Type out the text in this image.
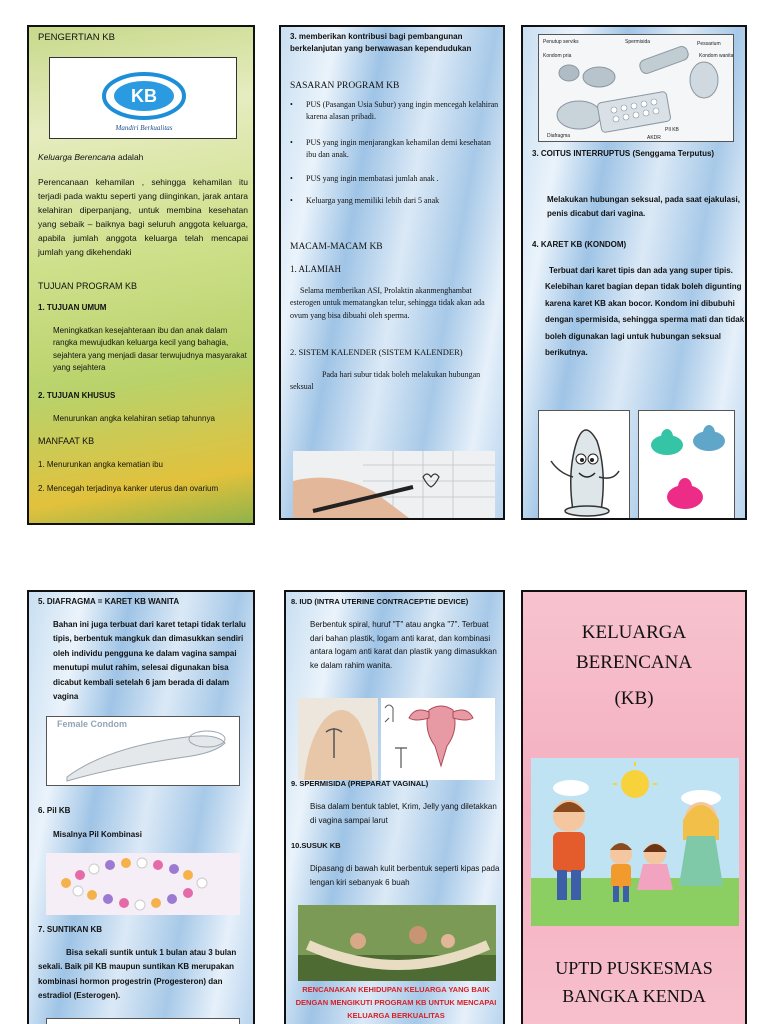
PENGERTIAN KB
KB
Mandiri Berkualitas
Keluarga Berencana adalah
Perencanaan kehamilan , sehingga kehamilan itu terjadi pada waktu seperti yang diinginkan, jarak antara kelahiran diperpanjang, untuk membina kesehatan yang sebaik – baiknya bagi seluruh anggota keluarga, apabila jumlah anggota keluarga telah mencapai jumlah yang dikehendaki
TUJUAN PROGRAM KB
1. TUJUAN UMUM
Meningkatkan kesejahteraan ibu dan anak dalam rangka mewujudkan keluarga kecil yang bahagia, sejahtera yang menjadi dasar terwujudnya masyarakat yang sejahtera
2. TUJUAN KHUSUS
Menurunkan angka kelahiran setiap tahunnya
MANFAAT KB
1. Menurunkan angka kematian ibu
2. Mencegah terjadinya kanker uterus dan ovarium
3. memberikan kontribusi bagi pembangunan berkelanjutan yang berwawasan kependudukan
SASARAN PROGRAM KB
• PUS (Pasangan Usia Subur) yang ingin mencegah kelahiran karena alasan pribadi.
• PUS yang ingin menjarangkan kehamilan demi kesehatan ibu dan anak.
• PUS yang ingin membatasi jumlah anak .
• Keluarga yang memiliki lebih dari 5 anak
MACAM-MACAM KB
1. ALAMIAH
Selama memberikan ASI, Prolaktin akanmenghambat esterogen untuk mematangkan telur, sehingga tidak akan ada ovum yang bisa dibuahi oleh sperma.
2. SISTEM KALENDER (SISTEM KALENDER)
Pada hari subur tidak boleh melakukan hubungan seksual
Penutup serviks	Spermisida	Pessarium Kondom pria	Kondom wanita Diafragma PIl KB AKDR
3. COITUS INTERRUPTUS (Senggama Terputus)
Melakukan hubungan seksual, pada saat ejakulasi, penis dicabut dari vagina.
4. KARET KB (KONDOM)
Terbuat dari karet tipis dan ada yang super tipis. Kelebihan karet bagian depan tidak boleh digunting karena karet KB akan bocor. Kondom ini dibubuhi dengan spermisida, sehingga sperma mati dan tidak boleh digunakan lagi untuk hubungan seksual berikutnya.
5. DIAFRAGMA = KARET KB WANITA
Bahan ini juga terbuat dari karet tetapi tidak terlalu tipis, berbentuk mangkuk dan dimasukkan sendiri oleh individu pengguna ke dalam vagina sampai menutupi mulut rahim, selesai digunakan bisa dicabut kembali setelah 6 jam berada di dalam vagina
Female Condom
6. Pil KB
Misalnya Pil Kombinasi
7. SUNTIKAN KB
Bisa sekali suntik untuk 1 bulan atau 3 bulan sekali. Baik pil KB maupun suntikan KB merupakan kombinasi hormon progestrin (Progesteron) dan estradiol (Esterogen).
8. IUD (INTRA UTERINE CONTRACEPTIE DEVICE)
Berbentuk spiral, huruf "T" atau angka "7". Terbuat dari bahan plastik, logam anti karat, dan kombinasi antara logam anti karat dan plastik yang dimasukkan ke dalam rahim wanita.
9. SPERMISIDA (PREPARAT VAGINAL)
Bisa dalam bentuk tablet, Krim, Jelly yang diletakkan di vagina sampai larut
10.SUSUK KB
Dipasang di bawah kulit berbentuk seperti kipas pada lengan kiri sebanyak 6 buah
RENCANAKAN KEHIDUPAN KELUARGA YANG BAIK DENGAN MENGIKUTI PROGRAM KB UNTUK MENCAPAI KELUARGA BERKUALITAS
KELUARGA
BERENCANA
(KB)
UPTD PUSKESMAS
BANGKA KENDA
